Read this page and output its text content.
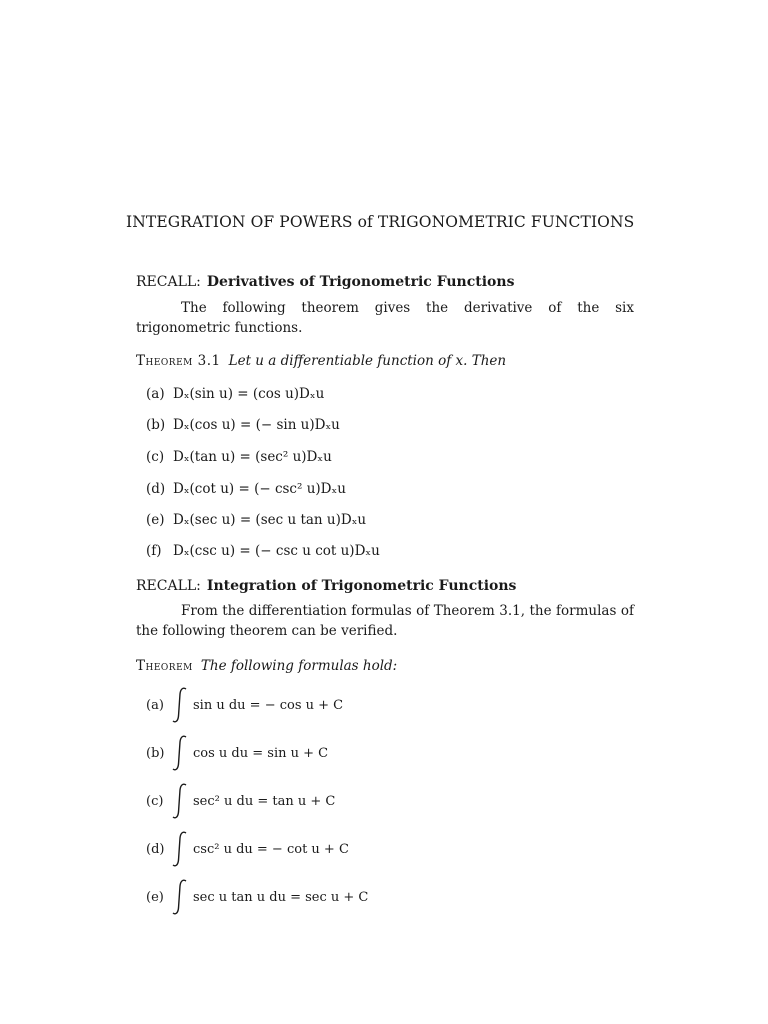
INTEGRATION OF POWERS of TRIGONOMETRIC FUNCTIONS
RECALL: Derivatives of Trigonometric Functions
The following theorem gives the derivative of the six trigonometric functions.
Theorem 3.1 Let u a differentiable function of x. Then
(a) Dₓ(sin u) = (cos u)Dₓu
(b) Dₓ(cos u) = (− sin u)Dₓu
(c) Dₓ(tan u) = (sec² u)Dₓu
(d) Dₓ(cot u) = (− csc² u)Dₓu
(e) Dₓ(sec u) = (sec u tan u)Dₓu
(f) Dₓ(csc u) = (− csc u cot u)Dₓu
RECALL: Integration of Trigonometric Functions
From the differentiation formulas of Theorem 3.1, the formulas of the following theorem can be verified.
Theorem The following formulas hold:
(a)	sin u du = − cos u + C
(b)	cos u du = sin u + C
(c)	sec² u du = tan u + C
(d)	csc² u du = − cot u + C
(e)	sec u tan u du = sec u + C
